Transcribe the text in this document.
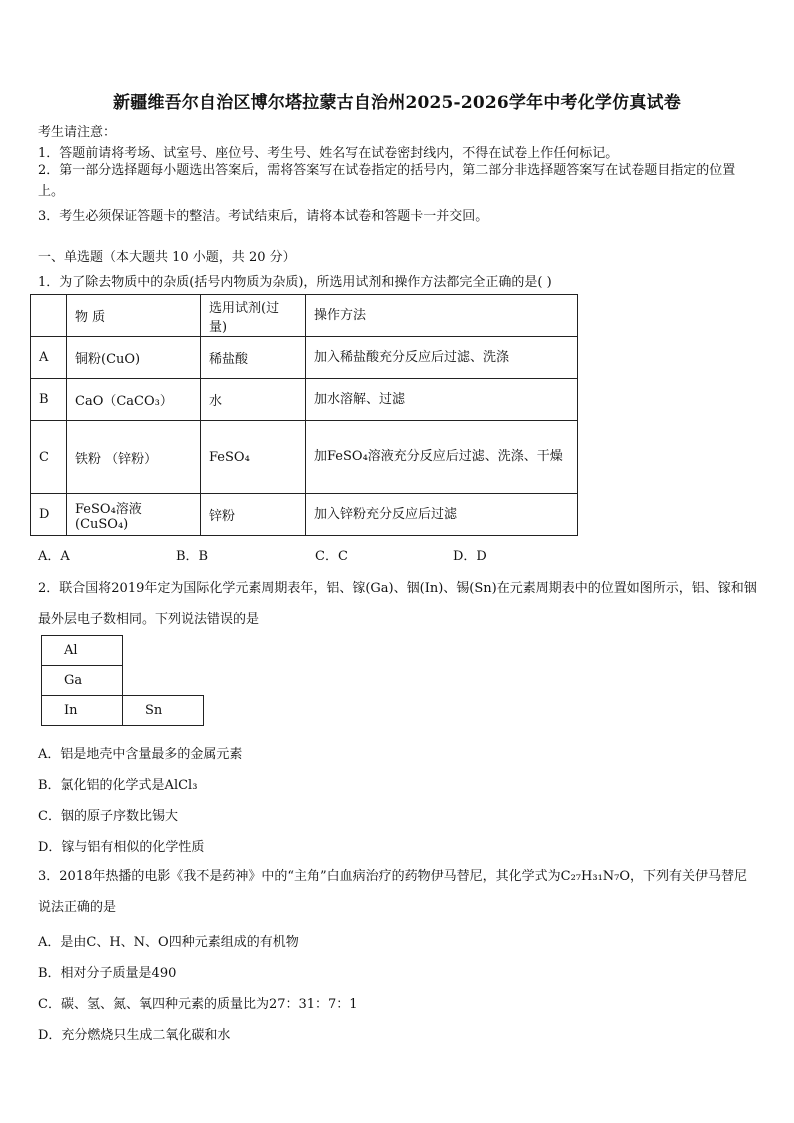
新疆维吾尔自治区博尔塔拉蒙古自治州2025-2026学年中考化学仿真试卷
考生请注意：
1．答题前请将考场、试室号、座位号、考生号、姓名写在试卷密封线内，不得在试卷上作任何标记。
2．第一部分选择题每小题选出答案后，需将答案写在试卷指定的括号内，第二部分非选择题答案写在试卷题目指定的位置上。
3．考生必须保证答题卡的整洁。考试结束后，请将本试卷和答题卡一并交回。
一、单选题（本大题共 10 小题，共 20 分）
1．为了除去物质中的杂质(括号内物质为杂质)，所选用试剂和操作方法都完全正确的是( )
	物 质	选用试剂(过量)	操作方法
A	铜粉(CuO)	稀盐酸	加入稀盐酸充分反应后过滤、洗涤
B	CaO（CaCO₃）	水	加水溶解、过滤
C	铁粉 （锌粉）	FeSO₄	加FeSO₄溶液充分反应后过滤、洗涤、干燥
D	FeSO₄溶液(CuSO₄)	锌粉	加入锌粉充分反应后过滤
A．A	B．B	C．C	D．D
2．联合国将2019年定为国际化学元素周期表年，铝、镓(Ga)、铟(In)、锡(Sn)在元素周期表中的位置如图所示，铝、镓和铟最外层电子数相同。下列说法错误的是
Al	
Ga	
In	Sn
A．铝是地壳中含量最多的金属元素
B．氯化铝的化学式是AlCl₃
C．铟的原子序数比锡大
D．镓与铝有相似的化学性质
3．2018年热播的电影《我不是药神》中的“主角”白血病治疗的药物伊马替尼，其化学式为C₂₇H₃₁N₇O，下列有关伊马替尼说法正确的是
A．是由C、H、N、O四种元素组成的有机物
B．相对分子质量是490
C．碳、氢、氮、氧四种元素的质量比为27：31：7：1
D．充分燃烧只生成二氧化碳和水
